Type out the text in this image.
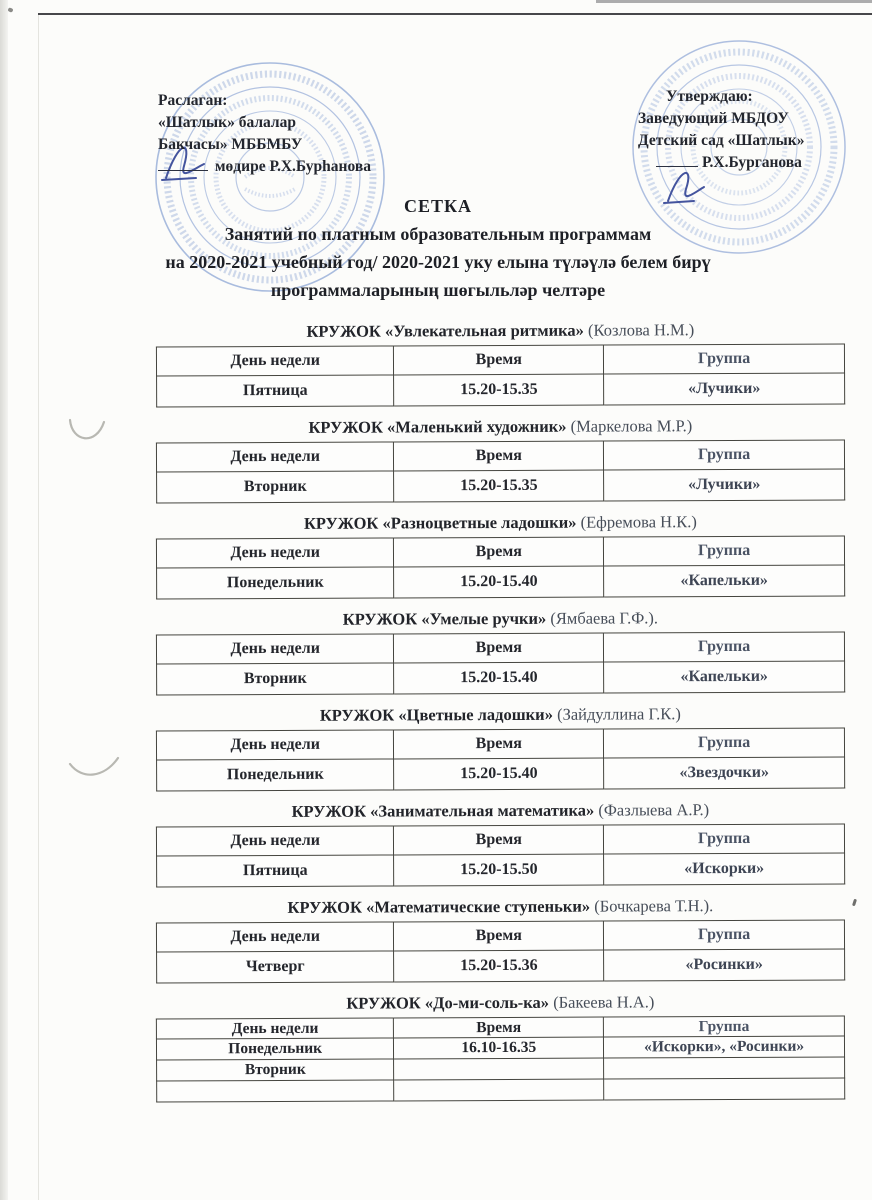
Раслаган:
«Шатлык» балалар
Бакчасы» МББМБУ
мөдире Р.Х.Бурһанова
Утверждаю:
Заведующий МБДОУ
Детский сад «Шатлык»
Р.Х.Бурганова
СЕТКА
Занятий по платным образовательным программам
на 2020-2021 учебный год/ 2020-2021 уку елына түләүлә белем бирү
программаларының шөгыльләр челтәре
КРУЖОК «Увлекательная ритмика» (Козлова Н.М.)
День недели	Время	Группа
Пятница	15.20-15.35	«Лучики»
КРУЖОК «Маленький художник» (Маркелова М.Р.)
День недели	Время	Группа
Вторник	15.20-15.35	«Лучики»
КРУЖОК «Разноцветные ладошки» (Ефремова Н.К.)
День недели	Время	Группа
Понедельник	15.20-15.40	«Капельки»
КРУЖОК «Умелые ручки» (Ямбаева Г.Ф.).
День недели	Время	Группа
Вторник	15.20-15.40	«Капельки»
КРУЖОК «Цветные ладошки» (Зайдуллина Г.К.)
День недели	Время	Группа
Понедельник	15.20-15.40	«Звездочки»
КРУЖОК «Занимательная математика» (Фазлыева А.Р.)
День недели	Время	Группа
Пятница	15.20-15.50	«Искорки»
КРУЖОК «Математические ступеньки» (Бочкарева Т.Н.).
День недели	Время	Группа
Четверг	15.20-15.36	«Росинки»
КРУЖОК «До-ми-соль-ка» (Бакеева Н.А.)
День недели	Время	Группа
Понедельник	16.10-16.35	«Искорки», «Росинки»
Вторник		
